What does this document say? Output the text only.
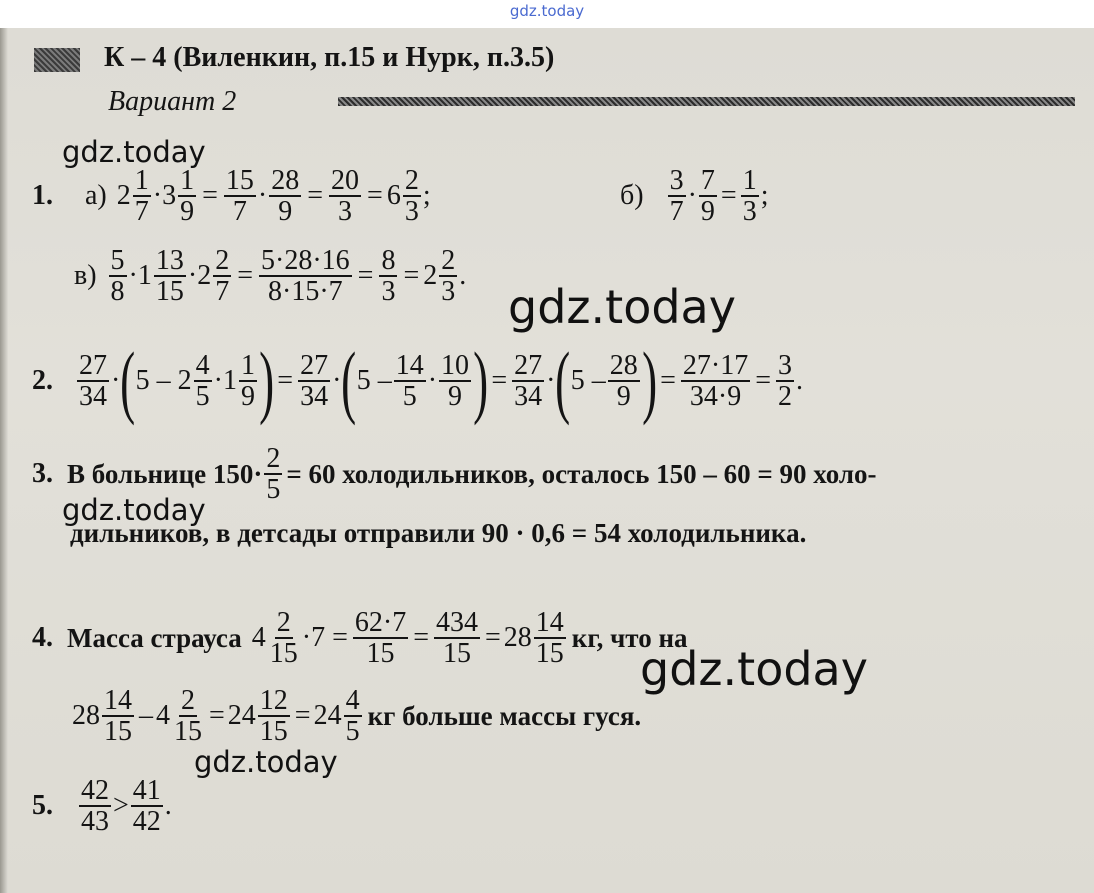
gdz.today
К – 4 (Виленкин, п.15 и Нурк, п.3.5)
Вариант 2
1. а) $2 \frac{1}{7} \cdot 3 \frac{1}{9} = \frac{15}{7} \cdot \frac{28}{9} = \frac{20}{3} = 6 \frac{2}{3}$ ;	$б) \frac{3}{7} \cdot \frac{7}{9} = \frac{1}{3}$ ;
$в) \frac{5}{8} \cdot 1 \frac{13}{15} \cdot 2 \frac{2}{7} = \frac{5\cdot 28\cdot 16}{8\cdot 15\cdot 7} = \frac{8}{3} = 2 \frac{2}{3}$ .
2. $\frac{27}{34}$ · ( $5 - 2 \frac{4}{5} \cdot 1 \frac{1}{9}$ ) = $\frac{27}{34}$ · ( $5 - \frac{14}{5} \cdot \frac{10}{9}$ ) = $\frac{27}{34}$ · ( $5 - \frac{28}{9}$ ) = $\frac{27\cdot 17}{34\cdot 9} = \frac{3}{2}$ .
3. В больнице $150\cdot \frac{2}{5} = 60$ холодильников, осталось 150 – 60 = 90 холо-
дильников, в детсады отправили 90 · 0,6 = 54 холодильника.
4. Масса страуса $4 \frac{2}{15} \cdot 7 = \frac{62\cdot 7}{15} = \frac{434}{15} = 28 \frac{14}{15}$ кг, что на
$28 \frac{14}{15} - 4 \frac{2}{15} = 24 \frac{12}{15} = 24 \frac{4}{5}$ кг больше массы гуся.
5. $\frac{42}{43} > \frac{41}{42}$ .
gdz.today
gdz.today
gdz.today
gdz.today
gdz.today
